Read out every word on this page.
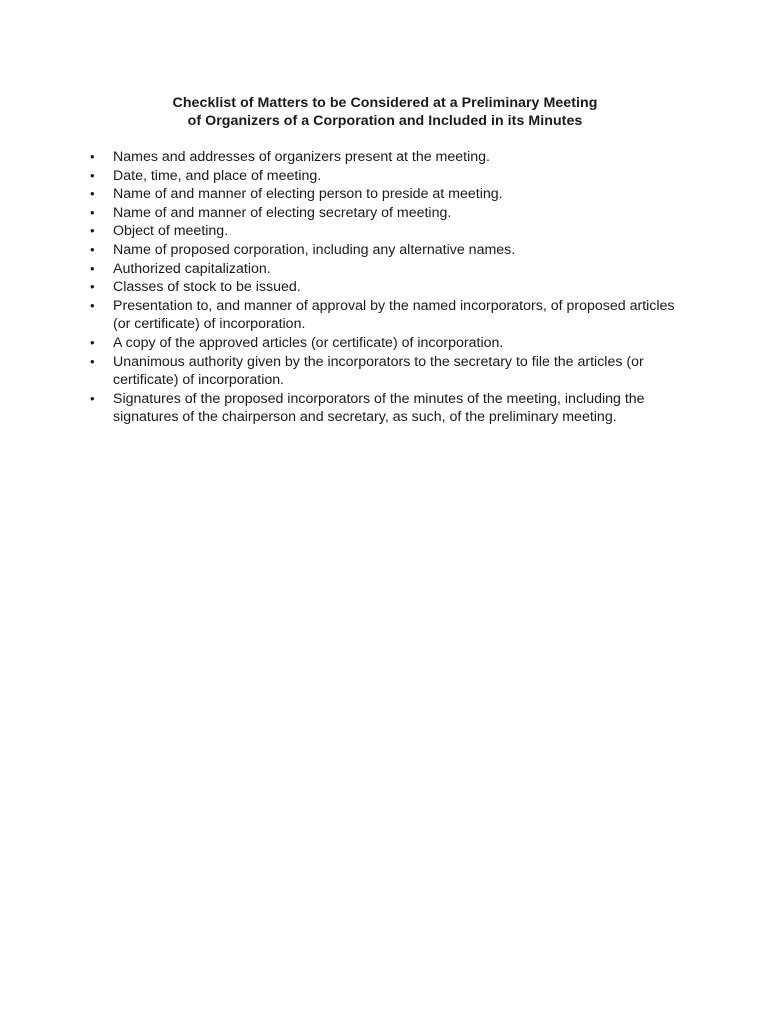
Checklist of Matters to be Considered at a Preliminary Meeting
of Organizers of a Corporation and Included in its Minutes
• Names and addresses of organizers present at the meeting.
• Date, time, and place of meeting.
• Name of and manner of electing person to preside at meeting.
• Name of and manner of electing secretary of meeting.
• Object of meeting.
• Name of proposed corporation, including any alternative names.
• Authorized capitalization.
• Classes of stock to be issued.
• Presentation to, and manner of approval by the named incorporators, of proposed articles (or certificate) of incorporation.
• A copy of the approved articles (or certificate) of incorporation.
• Unanimous authority given by the incorporators to the secretary to file the articles (or certificate) of incorporation.
• Signatures of the proposed incorporators of the minutes of the meeting, including the signatures of the chairperson and secretary, as such, of the preliminary meeting.
